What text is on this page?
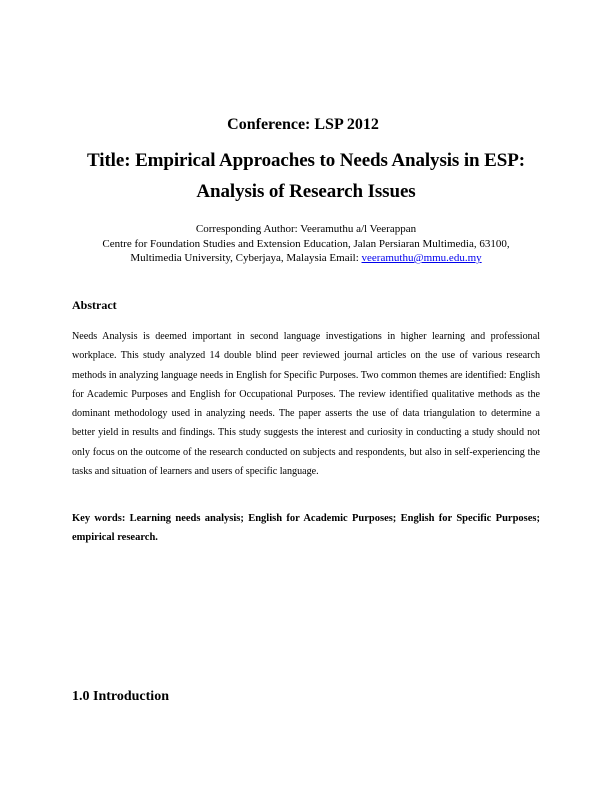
Conference: LSP 2012
Title: Empirical Approaches to Needs Analysis in ESP:
Analysis of Research Issues
Corresponding Author: Veeramuthu a/l Veerappan
Centre for Foundation Studies and Extension Education, Jalan Persiaran Multimedia, 63100,
Multimedia University, Cyberjaya, Malaysia Email: veeramuthu@mmu.edu.my
Abstract
Needs Analysis is deemed important in second language investigations in higher learning and professional workplace. This study analyzed 14 double blind peer reviewed journal articles on the use of various research methods in analyzing language needs in English for Specific Purposes. Two common themes are identified: English for Academic Purposes and English for Occupational Purposes. The review identified qualitative methods as the dominant methodology used in analyzing needs. The paper asserts the use of data triangulation to determine a better yield in results and findings. This study suggests the interest and curiosity in conducting a study should not only focus on the outcome of the research conducted on subjects and respondents, but also in self-experiencing the tasks and situation of learners and users of specific language.
Key words: Learning needs analysis; English for Academic Purposes; English for Specific Purposes; empirical research.
1.0 Introduction
